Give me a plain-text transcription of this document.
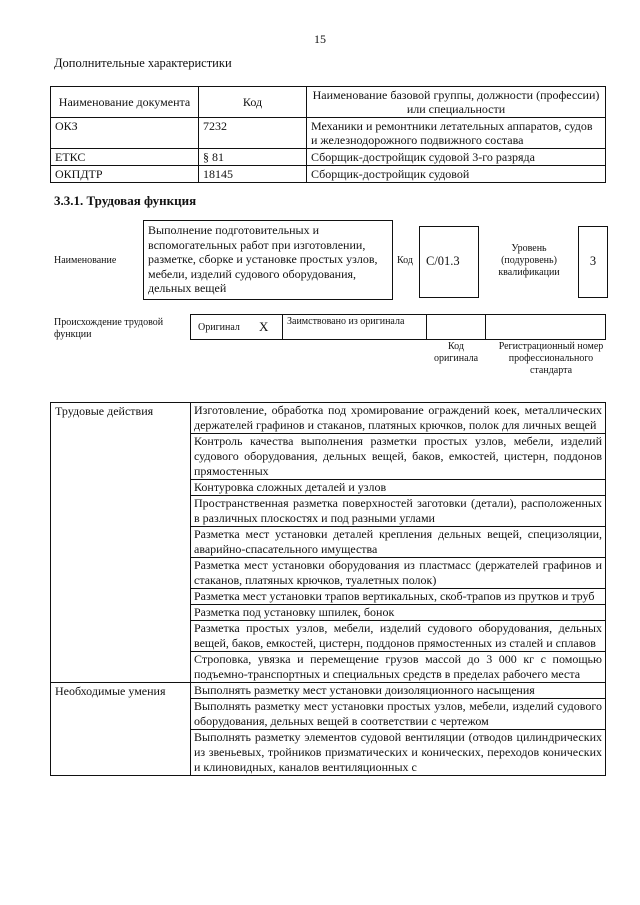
15
Дополнительные характеристики
Наименование документа	Код	Наименование базовой группы, должности (профессии) или специальности
ОКЗ	7232	Механики и ремонтники летательных аппаратов, судов и железнодорожного подвижного состава
ЕТКС	§ 81	Сборщик-достройщик судовой 3-го разряда
ОКПДТР	18145	Сборщик-достройщик судовой
3.3.1. Трудовая функция
Наименование
Выполнение подготовительных и вспомогательных работ при изготовлении, разметке, сборке и установке простых узлов, мебели, изделий судового оборудования, дельных вещей
Код	C/01.3
Уровень (подуровень) квалификации
3
Происхождение трудовой функции
Оригинал X Заимствовано из оригинала
Код оригинала
Регистрационный номер профессионального стандарта
Трудовые действия	Изготовление, обработка под хромирование ограждений коек, металлических держателей графинов и стаканов, платяных крючков, полок для личных вещей
	Контроль качества выполнения разметки простых узлов, мебели, изделий судового оборудования, дельных вещей, баков, емкостей, цистерн, поддонов прямостенных
	Контуровка сложных деталей и узлов
	Пространственная разметка поверхностей заготовки (детали), расположенных в различных плоскостях и под разными углами
	Разметка мест установки деталей крепления дельных вещей, специзоляции, аварийно-спасательного имущества
	Разметка мест установки оборудования из пластмасс (держателей графинов и стаканов, платяных крючков, туалетных полок)
	Разметка мест установки трапов вертикальных, скоб-трапов из прутков и труб
	Разметка под установку шпилек, бонок
	Разметка простых узлов, мебели, изделий судового оборудования, дельных вещей, баков, емкостей, цистерн, поддонов прямостенных из сталей и сплавов
	Строповка, увязка и перемещение грузов массой до 3 000 кг с помощью подъемно-транспортных и специальных средств в пределах рабочего места
Необходимые умения	Выполнять разметку мест установки доизоляционного насыщения
	Выполнять разметку мест установки простых узлов, мебели, изделий судового оборудования, дельных вещей в соответствии с чертежом
	Выполнять разметку элементов судовой вентиляции (отводов цилиндрических из звеньевых, тройников призматических и конических, переходов конических и клиновидных, каналов вентиляционных с
